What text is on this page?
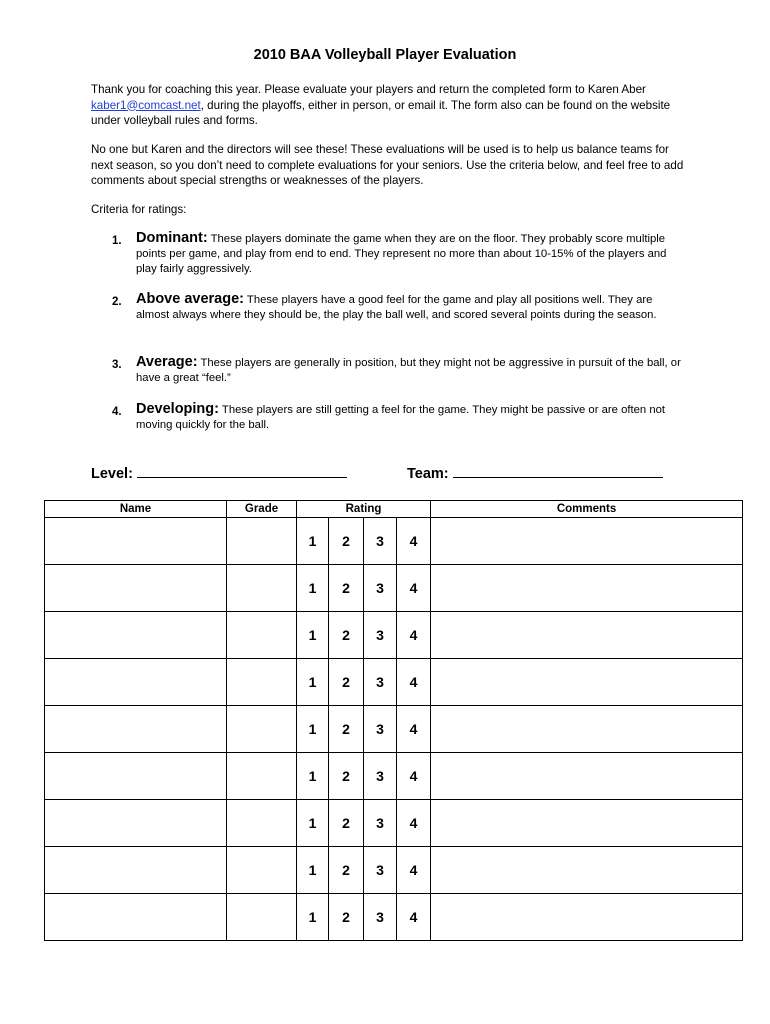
2010 BAA Volleyball Player Evaluation
Thank you for coaching this year. Please evaluate your players and return the completed form to Karen Aber kaber1@comcast.net, during the playoffs, either in person, or email it. The form also can be found on the website under volleyball rules and forms.
No one but Karen and the directors will see these! These evaluations will be used is to help us balance teams for next season, so you don’t need to complete evaluations for your seniors. Use the criteria below, and feel free to add comments about special strengths or weaknesses of the players.
Criteria for ratings:
1. Dominant: These players dominate the game when they are on the floor. They probably score multiple points per game, and play from end to end. They represent no more than about 10-15% of the players and play fairly aggressively.
2. Above average: These players have a good feel for the game and play all positions well. They are almost always where they should be, the play the ball well, and scored several points during the season.
3. Average: These players are generally in position, but they might not be aggressive in pursuit of the ball, or have a great “feel.”
4. Developing: These players are still getting a feel for the game. They might be passive or are often not moving quickly for the ball.
Level:	Team:
Name	Grade	Rating				Comments
		1	2	3	4	
		1	2	3	4	
		1	2	3	4	
		1	2	3	4	
		1	2	3	4	
		1	2	3	4	
		1	2	3	4	
		1	2	3	4	
		1	2	3	4	
